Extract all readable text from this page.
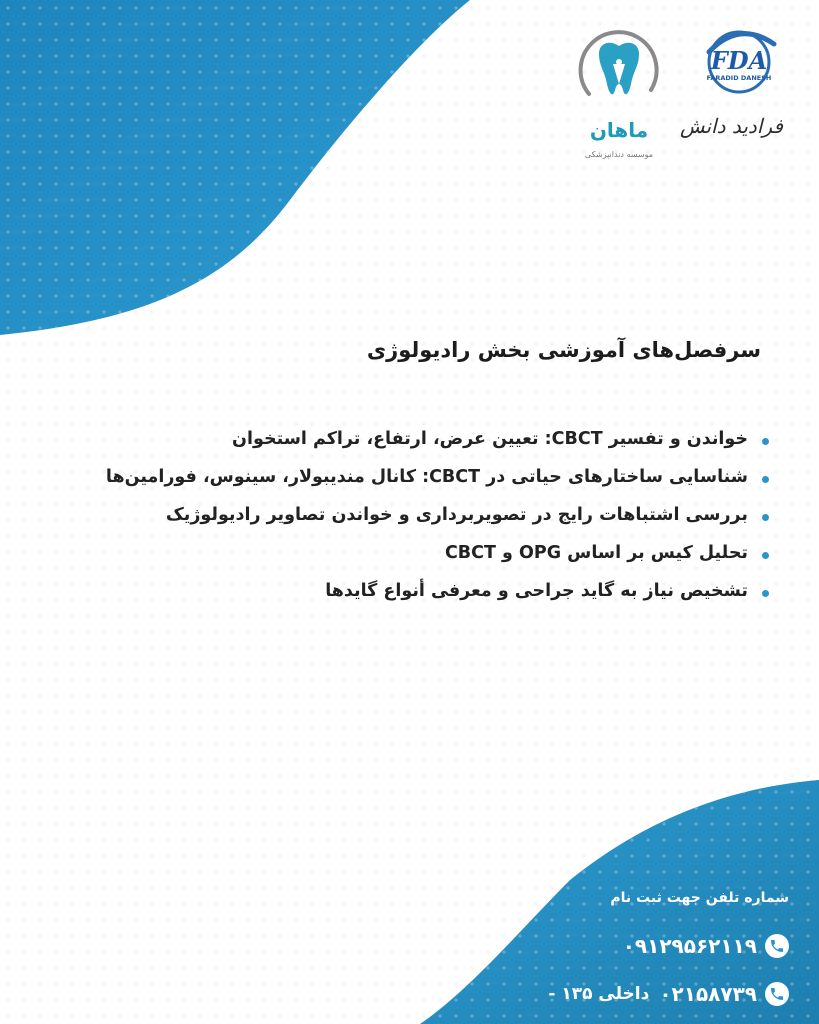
FDA
FARADID DANESH
فرادید دانش
ماهان
موسسه دندانپزشکی
سرفصل‌های آموزشی بخش رادیولوژی
خواندن و تفسیر CBCT: تعیین عرض، ارتفاع، تراکم استخوان
شناسایی ساختارهای حیاتی در CBCT: کانال مندیبولار، سینوس، فورامین‌ها
بررسی اشتباهات رایج در تصویربرداری و خواندن تصاویر رادیولوژیک
تحلیل کیس بر اساس OPG و CBCT
تشخیص نیاز به گاید جراحی و معرفی أنواع گایدها
شماره تلفن جهت ثبت نام
۰۹۱۲۹۵۶۲۱۱۹
۰۲۱۵۸۷۳۹
داخلی ۱۳۵ -
